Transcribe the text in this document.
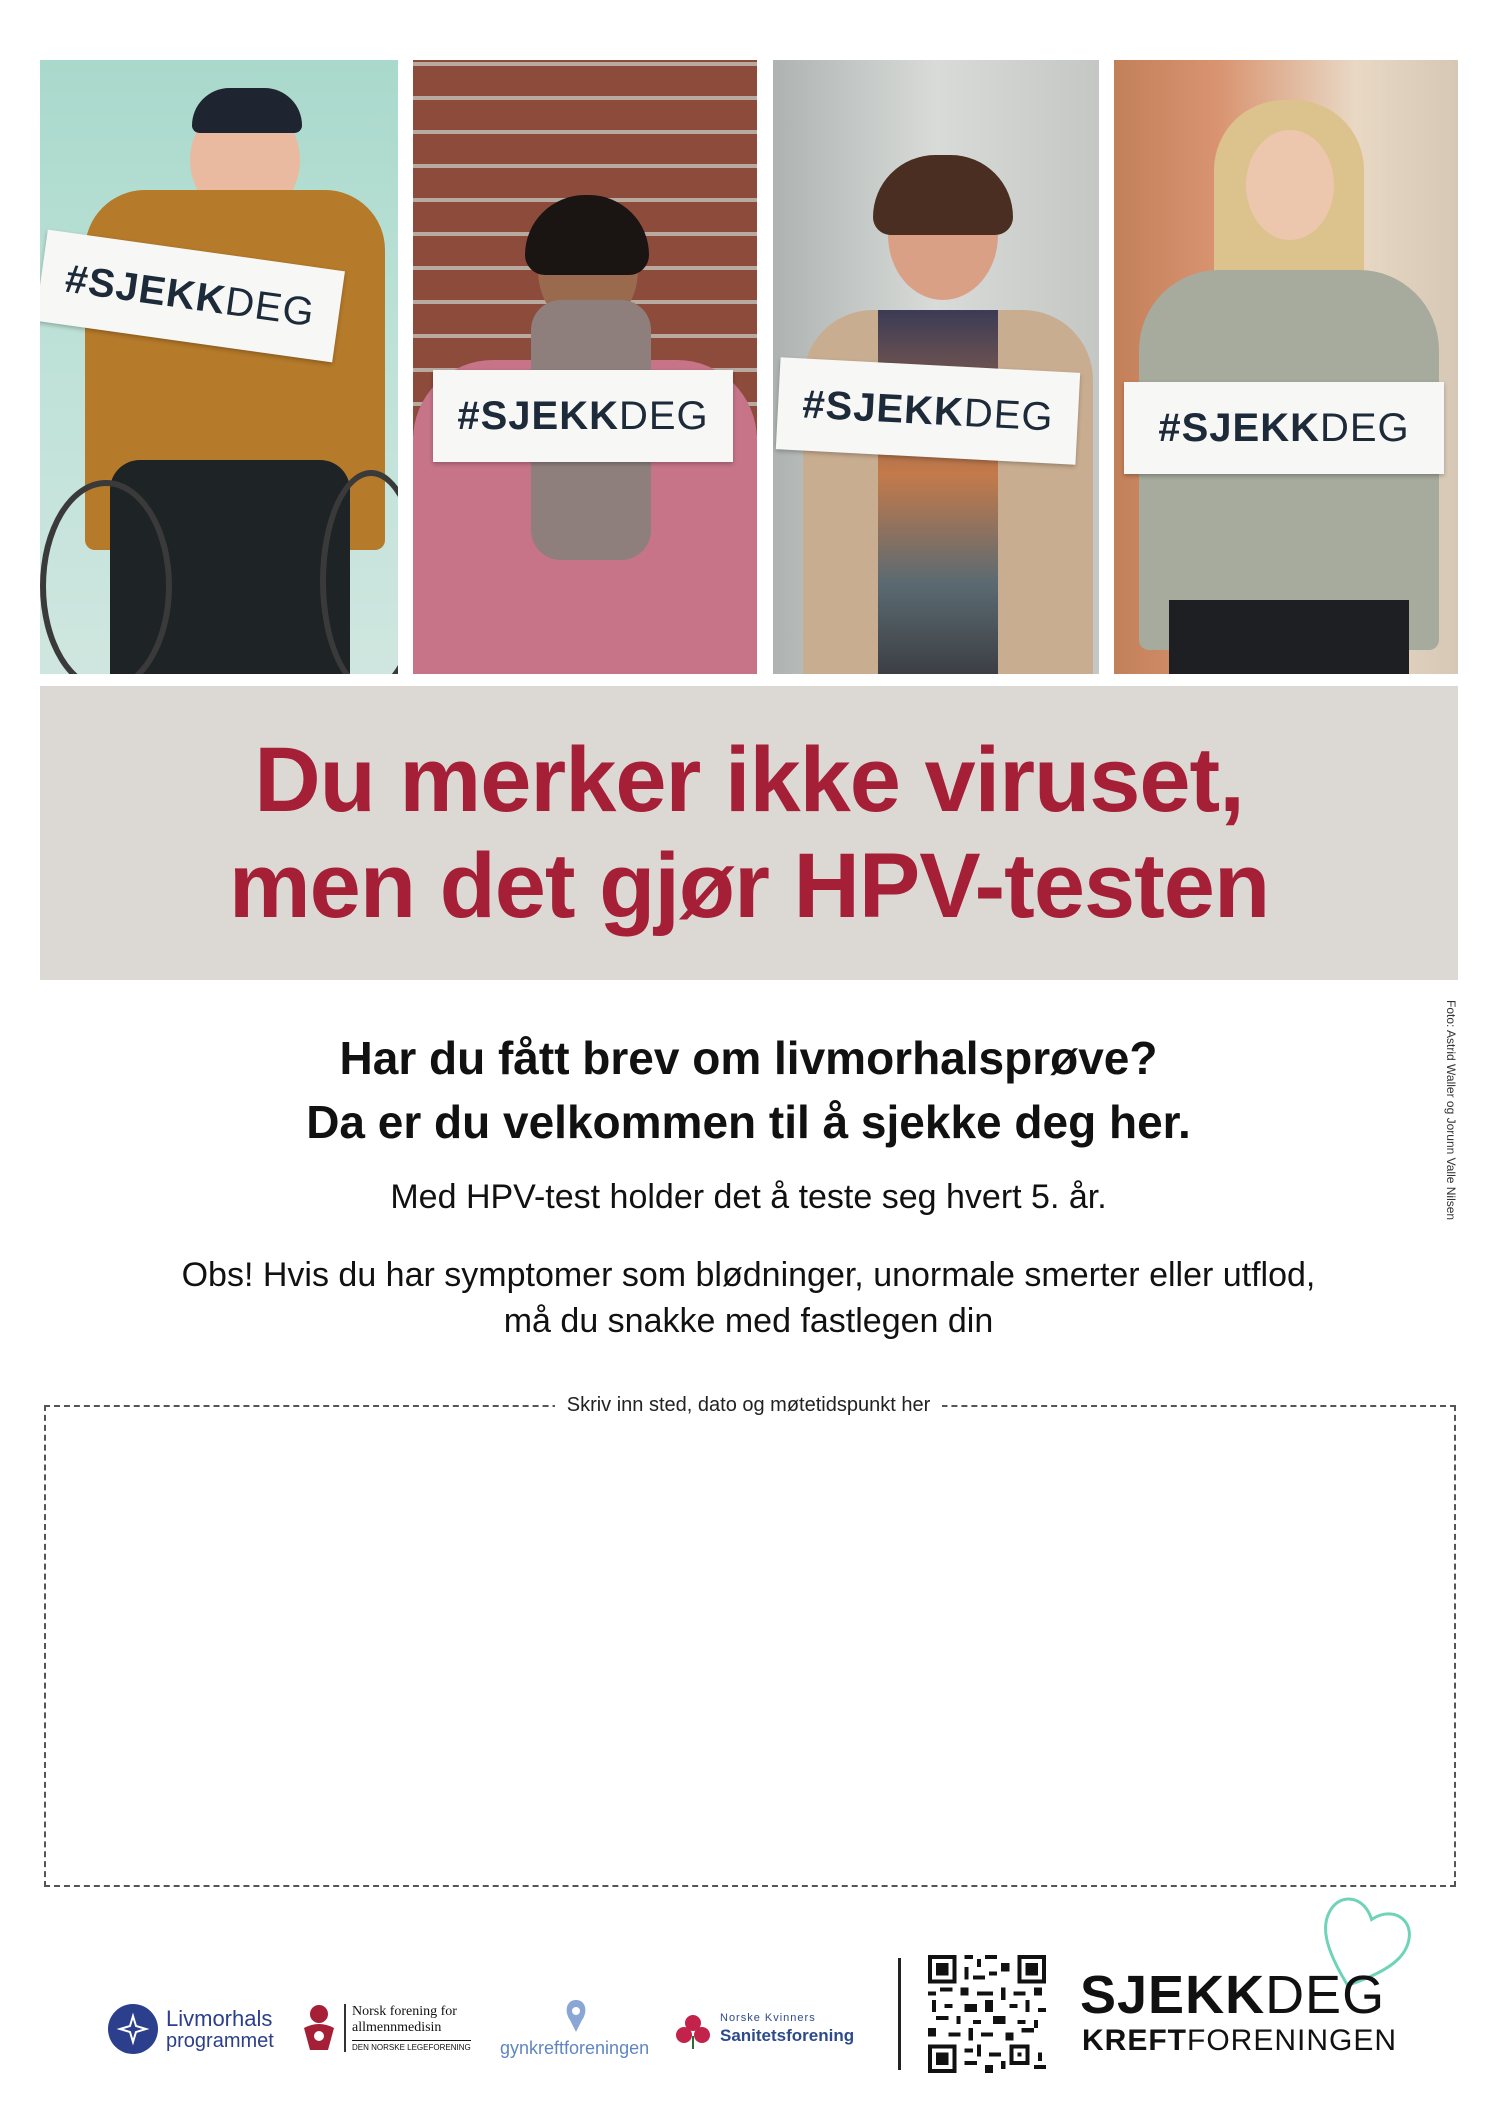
#SJEKK
DEG
#SJEKK DEG #SJEKK
DEG	#SJEKK DEG
Du merker ikke viruset,
men det gjør HPV-testen
Har du fått brev om livmorhalsprøve?
Da er du velkommen til å sjekke deg her.
Med HPV-test holder det å teste seg hvert 5. år.
Obs! Hvis du har symptomer som blødninger, unormale smerter eller utflod,
må du snakke med fastlegen din
Foto: Astrid Waller og Jorunn Valle Nilsen
Skriv inn sted, dato og møtetidspunkt her
Livmorhals
programmet
Norsk forening for
allmennmedisin
DEN NORSKE LEGEFORENING gynkreftforeningen
Norske Kvinners
Sanitetsforening
SJEKKDEG
KREFTFORENINGEN
